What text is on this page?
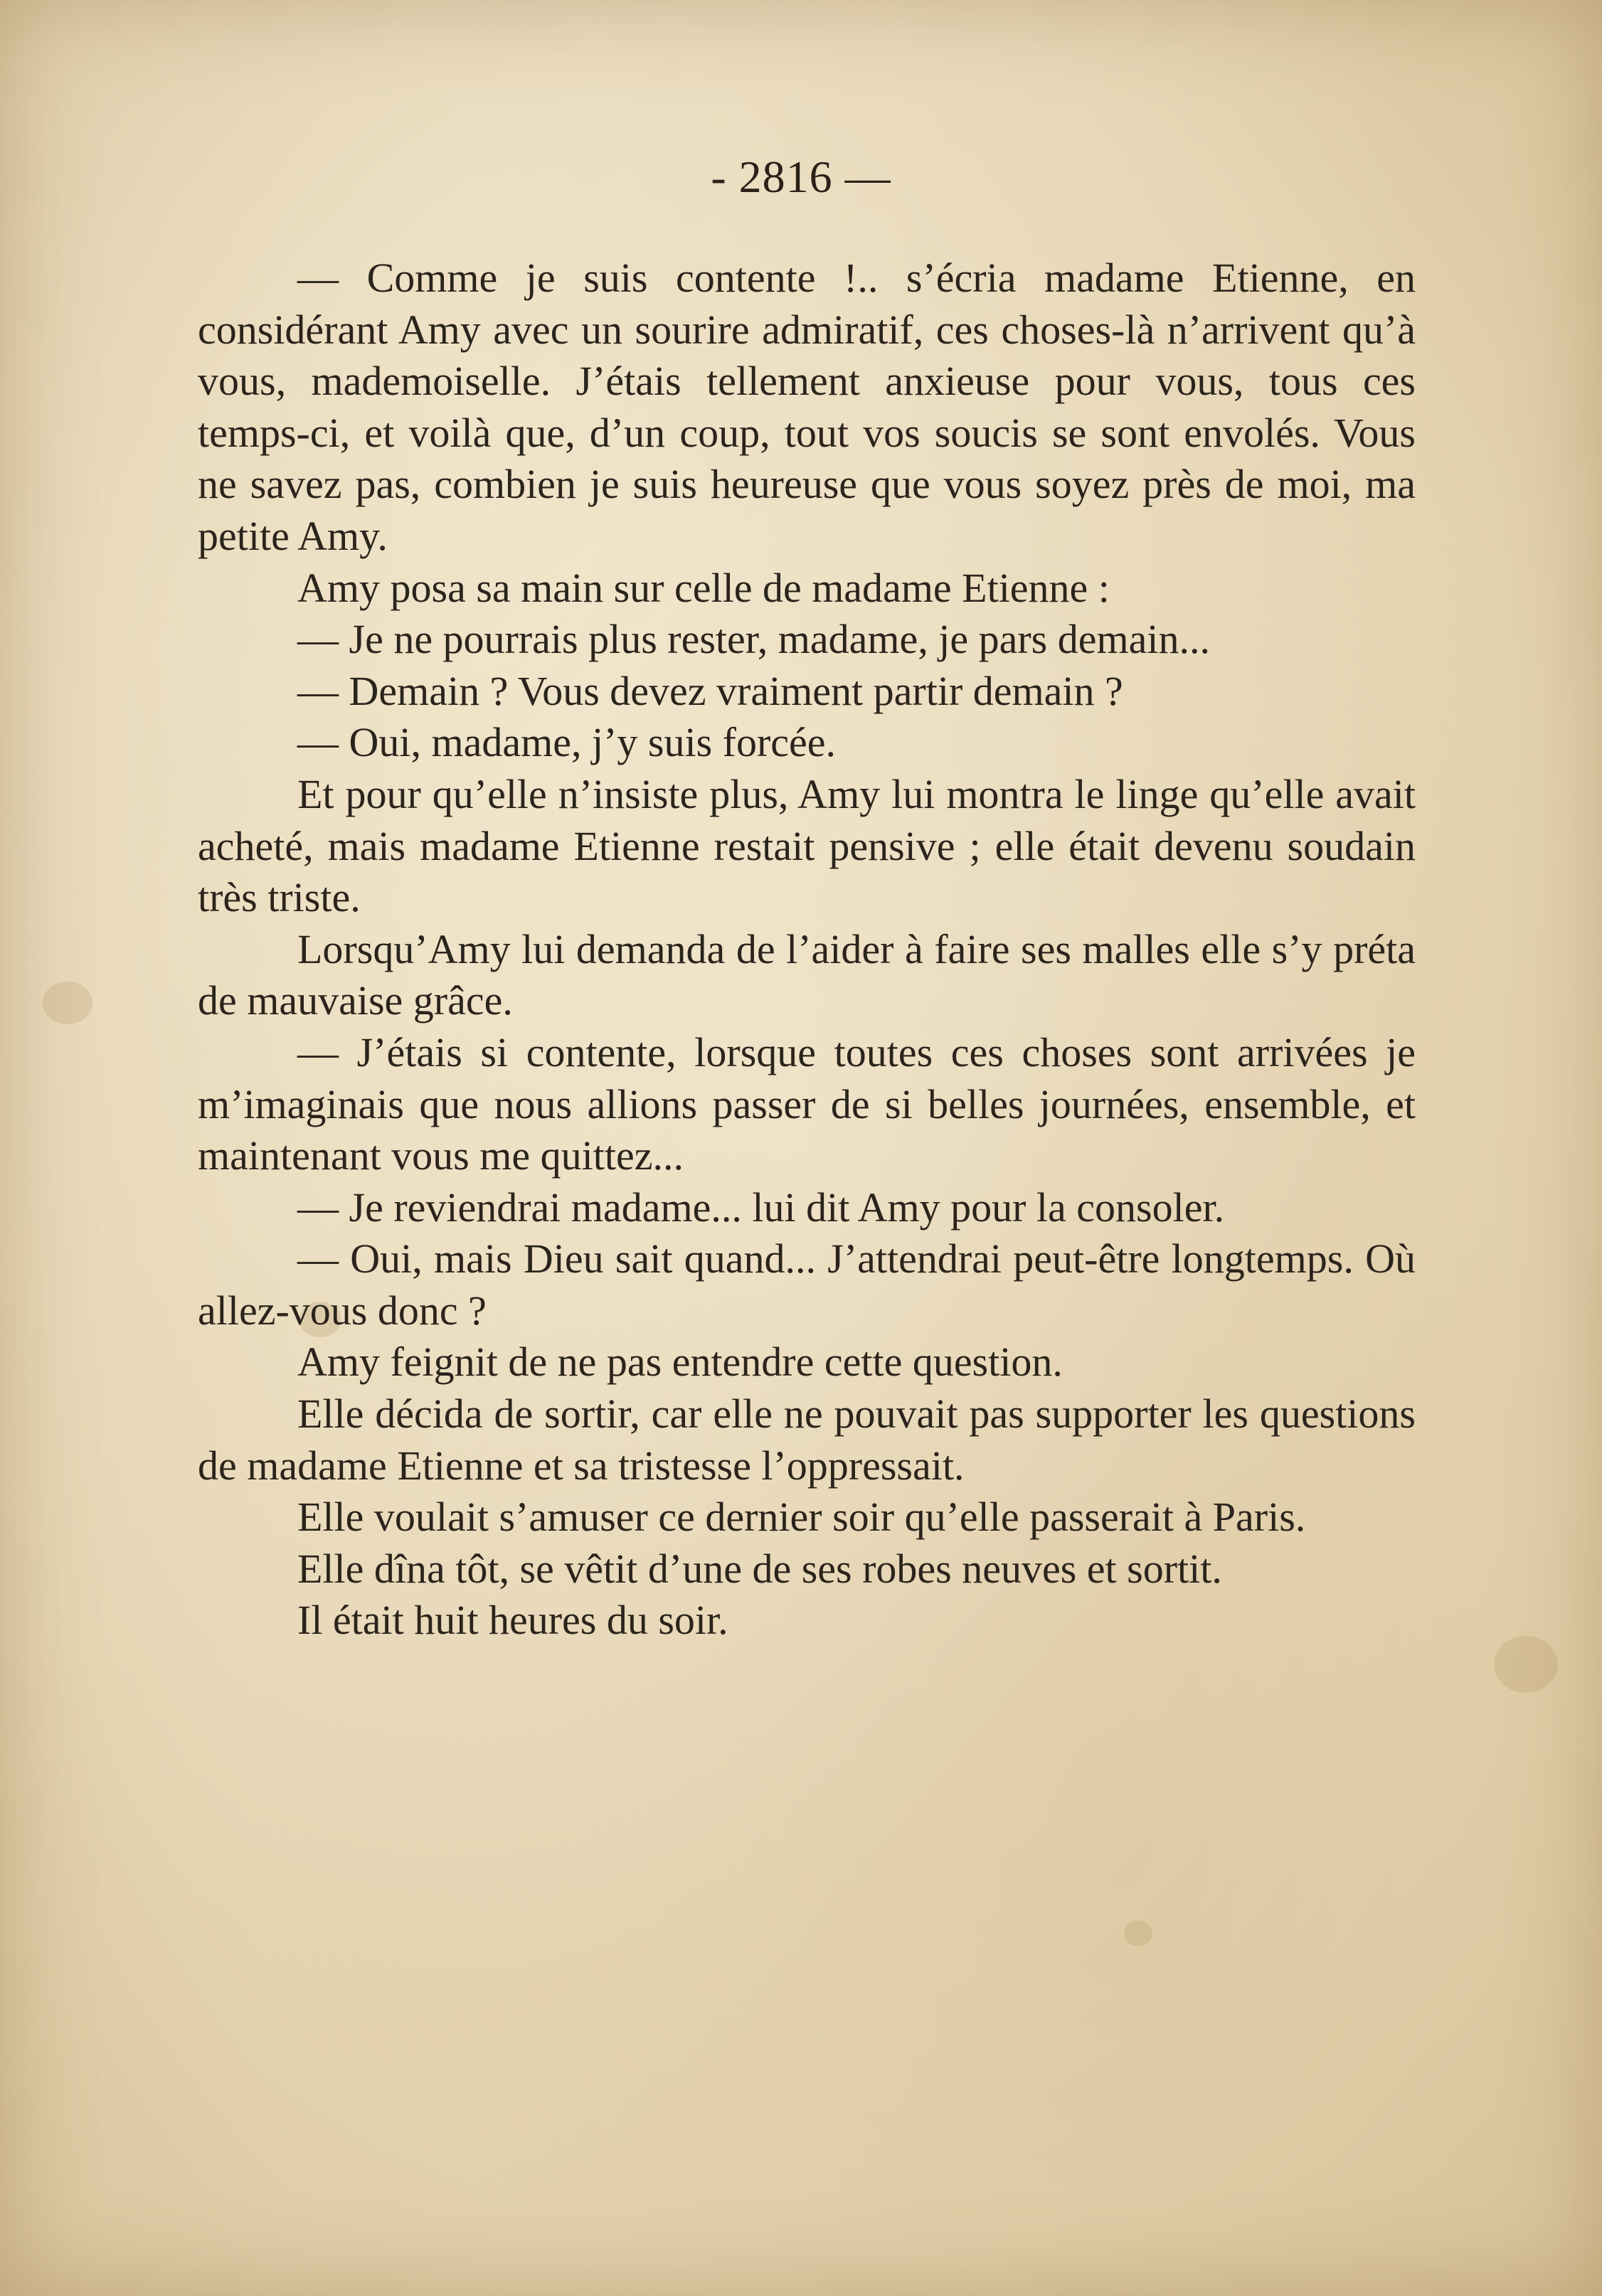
- 2816 —

— Comme je suis contente !.. s’écria madame Etienne, en considérant Amy avec un sourire admiratif, ces choses-là n’arrivent qu’à vous, mademoiselle. J’étais tellement anxieuse pour vous, tous ces temps-ci, et voilà que, d’un coup, tout vos soucis se sont envolés. Vous ne savez pas, combien je suis heureuse que vous soyez près de moi, ma petite Amy.

Amy posa sa main sur celle de madame Etienne :

— Je ne pourrais plus rester, madame, je pars demain...

— Demain ? Vous devez vraiment partir demain ?

— Oui, madame, j’y suis forcée.

Et pour qu’elle n’insiste plus, Amy lui montra le linge qu’elle avait acheté, mais madame Etienne restait pensive ; elle était devenu soudain très triste.

Lorsqu’Amy lui demanda de l’aider à faire ses malles elle s’y préta de mauvaise grâce.

— J’étais si contente, lorsque toutes ces choses sont arrivées je m’imaginais que nous allions passer de si belles journées, ensemble, et maintenant vous me quittez...

— Je reviendrai madame... lui dit Amy pour la consoler.

— Oui, mais Dieu sait quand... J’attendrai peut-être longtemps. Où allez-vous donc ?

Amy feignit de ne pas entendre cette question.

Elle décida de sortir, car elle ne pouvait pas supporter les questions de madame Etienne et sa tristesse l’oppressait.

Elle voulait s’amuser ce dernier soir qu’elle passerait à Paris.

Elle dîna tôt, se vêtit d’une de ses robes neuves et sortit.

Il était huit heures du soir.
